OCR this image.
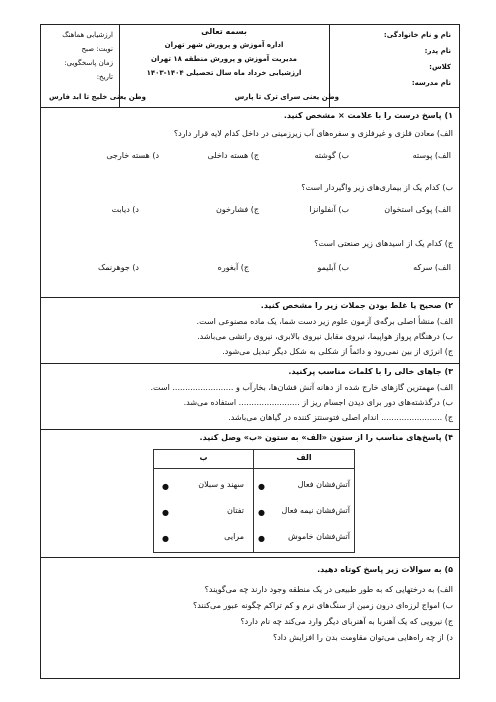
نام و نام خانوادگی:
نام پدر:
کلاس:
نام مدرسه:
بسمه تعالی
اداره آموزش و پرورش شهر تهران
مدیریت آموزش و پرورش منطقه ۱۸ تهران
ارزشیابی خرداد ماه سال تحصیلی ۱۴۰۴-۱۴۰۳
ارزشیابی هماهنگ
نوبت: صبح
زمان پاسخگویی:
تاریخ:
وطن یعنی سرای ترک تا پارس
وطن یعنی خلیج تا ابد فارس
۱) پاسخ درست را با علامت × مشخص کنید.
الف) معادن فلزی و غیرفلزی و سفره‌های آب زیرزمینی در داخل کدام لایه قرار دارد؟
الف) پوسته
ب) گوشته
ج) هسته داخلی
د) هسته خارجی
ب) کدام یک از بیماری‌های زیر واگیردار است؟
الف) پوکی استخوان
ب) آنفلوانزا
ج) فشارخون
د) دیابت
ج) کدام یک از اسیدهای زیر صنعتی است؟
الف) سرکه
ب) آبلیمو
ج) آبغوره
د) جوهرنمک
۲) صحیح یا غلط بودن جملات زیر را مشخص کنید.
الف) منشأ اصلی برگه‌ی آزمون علوم زیر دست شما، یک ماده مصنوعی است.
ب) درهنگام پرواز هواپیما، نیروی مقابل نیروی بالابری، نیروی رانشی می‌باشد.
ج) انرژی از بین نمی‌رود و دائماً از شکلی به شکل دیگر تبدیل می‌شود.
۳) جاهای خالی را با کلمات مناسب پرکنید.
الف) مهمترین گازهای خارج شده از دهانه آتش فشان‌ها، بخارآب و ........................ است.
ب) درگذشته‌های دور برای دیدن اجسام ریز از ........................ استفاده می‌شد.
ج) ........................ اندام اصلی فتوسنتز کننده در گیاهان می‌باشد.
۴) پاسخ‌های مناسب را از ستون «الف» به ستون «ب» وصل کنید.
الف
ب
آتش‌فشان فعال
آتش‌فشان نیمه فعال
آتش‌فشان خاموش
●
●
●
سهند و سبلان
تفتان
مرایی
●
●
●
۵) به سوالات زیر پاسخ کوتاه دهید.
الف) به درختهایی که به طور طبیعی در یک منطقه وجود دارند چه می‌گویند؟
ب) امواج لرزه‌ای درون زمین از سنگ‌های نرم و کم تراکم چگونه عبور می‌کنند؟
ج) نیرویی که یک آهنربا به آهنربای دیگر وارد می‌کند چه نام دارد؟
د) از چه راه‌هایی می‌توان مقاومت بدن را افزایش داد؟
